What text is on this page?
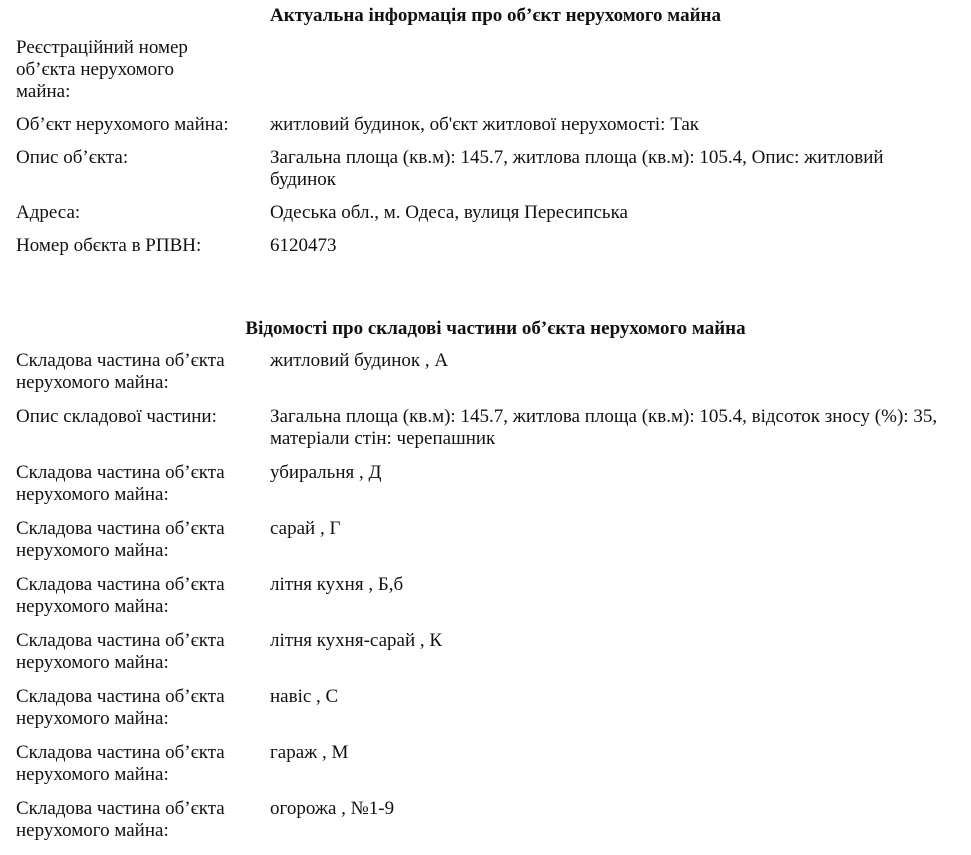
Актуальна інформація про об’єкт нерухомого майна
Реєстраційний номер об’єкта нерухомого майна:
Об’єкт нерухомого майна:	житловий будинок, об'єкт житлової нерухомості: Так
Опис об’єкта:	Загальна площа (кв.м): 145.7, житлова площа (кв.м): 105.4, Опис: житловий будинок
Адреса:	Одеська обл., м. Одеса, вулиця Пересипська
Номер обєкта в РПВН:	6120473
Відомості про складові частини об’єкта нерухомого майна
Складова частина об’єкта нерухомого майна:
житловий будинок , А
Опис складової частини:	Загальна площа (кв.м): 145.7, житлова площа (кв.м): 105.4, відсоток зносу (%): 35, матеріали стін: черепашник
Складова частина об’єкта нерухомого майна:
убиральня , Д
Складова частина об’єкта нерухомого майна:
сарай , Г
Складова частина об’єкта нерухомого майна:
літня кухня , Б,б
Складова частина об’єкта нерухомого майна:
літня кухня-сарай , К
Складова частина об’єкта нерухомого майна:
навіс , С
Складова частина об’єкта нерухомого майна:
гараж , М
Складова частина об’єкта нерухомого майна:
огорожа , №1-9
